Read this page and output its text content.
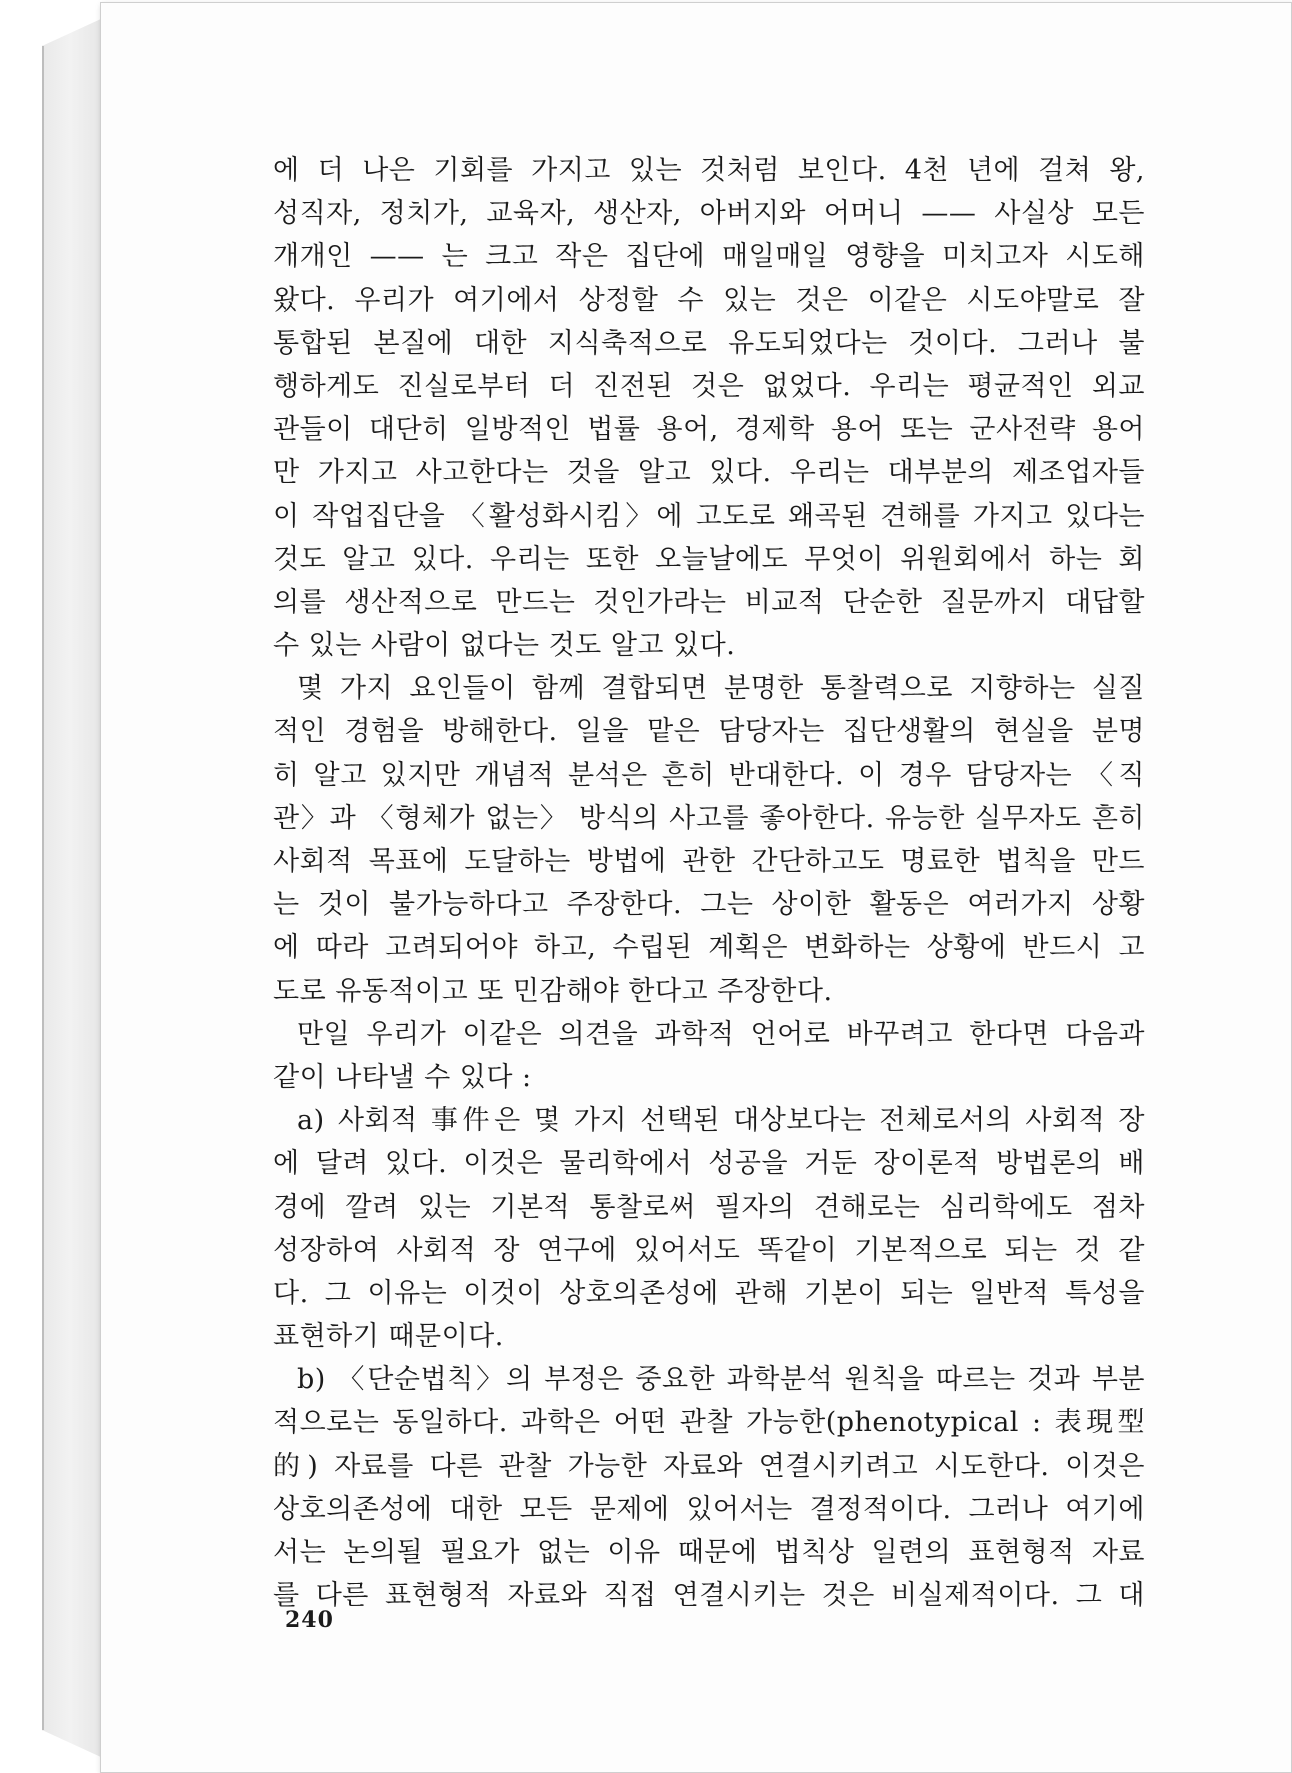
에 더 나은 기회를 가지고 있는 것처럼 보인다. 4천 년에 걸쳐 왕,
성직자, 정치가, 교육자, 생산자, 아버지와 어머니 —— 사실상 모든
개개인 —— 는 크고 작은 집단에 매일매일 영향을 미치고자 시도해
왔다. 우리가 여기에서 상정할 수 있는 것은 이같은 시도야말로 잘
통합된 본질에 대한 지식축적으로 유도되었다는 것이다. 그러나 불
행하게도 진실로부터 더 진전된 것은 없었다. 우리는 평균적인 외교
관들이 대단히 일방적인 법률 용어, 경제학 용어 또는 군사전략 용어
만 가지고 사고한다는 것을 알고 있다. 우리는 대부분의 제조업자들
이 작업집단을 〈활성화시킴〉에 고도로 왜곡된 견해를 가지고 있다는
것도 알고 있다. 우리는 또한 오늘날에도 무엇이 위원회에서 하는 회
의를 생산적으로 만드는 것인가라는 비교적 단순한 질문까지 대답할
수 있는 사람이 없다는 것도 알고 있다.
몇 가지 요인들이 함께 결합되면 분명한 통찰력으로 지향하는 실질
적인 경험을 방해한다. 일을 맡은 담당자는 집단생활의 현실을 분명
히 알고 있지만 개념적 분석은 흔히 반대한다. 이 경우 담당자는 〈직
관〉과 〈형체가 없는〉 방식의 사고를 좋아한다. 유능한 실무자도 흔히
사회적 목표에 도달하는 방법에 관한 간단하고도 명료한 법칙을 만드
는 것이 불가능하다고 주장한다. 그는 상이한 활동은 여러가지 상황
에 따라 고려되어야 하고, 수립된 계획은 변화하는 상황에 반드시 고
도로 유동적이고 또 민감해야 한다고 주장한다.
만일 우리가 이같은 의견을 과학적 언어로 바꾸려고 한다면 다음과
같이 나타낼 수 있다 :
a) 사회적 事件은 몇 가지 선택된 대상보다는 전체로서의 사회적 장
에 달려 있다. 이것은 물리학에서 성공을 거둔 장이론적 방법론의 배
경에 깔려 있는 기본적 통찰로써 필자의 견해로는 심리학에도 점차
성장하여 사회적 장 연구에 있어서도 똑같이 기본적으로 되는 것 같
다. 그 이유는 이것이 상호의존성에 관해 기본이 되는 일반적 특성을
표현하기 때문이다.
b) 〈단순법칙〉의 부정은 중요한 과학분석 원칙을 따르는 것과 부분
적으로는 동일하다. 과학은 어떤 관찰 가능한(phenotypical : 表現型
的) 자료를 다른 관찰 가능한 자료와 연결시키려고 시도한다. 이것은
상호의존성에 대한 모든 문제에 있어서는 결정적이다. 그러나 여기에
서는 논의될 필요가 없는 이유 때문에 법칙상 일련의 표현형적 자료
를 다른 표현형적 자료와 직접 연결시키는 것은 비실제적이다. 그 대
240
